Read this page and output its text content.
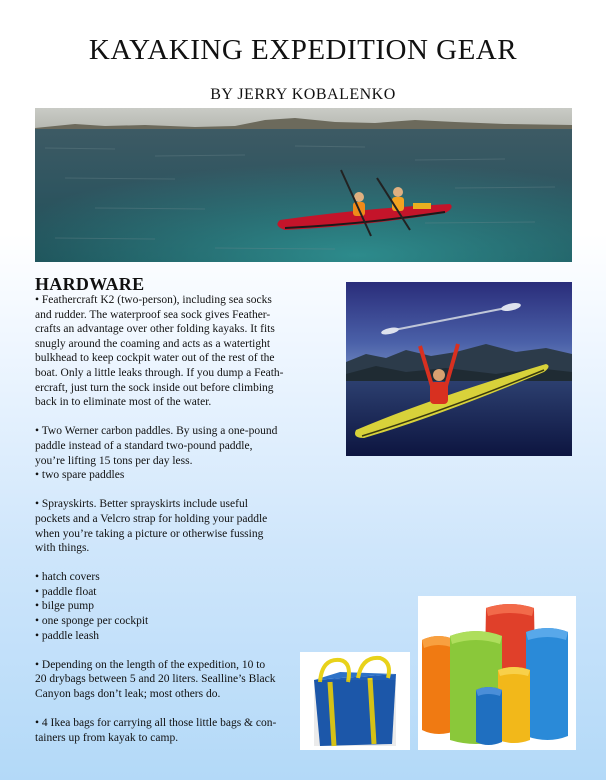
KAYAKING EXPEDITION GEAR
BY JERRY KOBALENKO
HARDWARE

• Feathercraft K2 (two-person), including sea socks
and rudder. The waterproof sea sock gives Feather-
crafts an advantage over other folding kayaks. It fits
snugly around the coaming and acts as a watertight
bulkhead to keep cockpit water out of the rest of the
boat. Only a little leaks through. If you dump a Feath-
ercraft, just turn the sock inside out before climbing
back in to eliminate most of the water.

• Two Werner carbon paddles. By using a one-pound
paddle instead of a standard two-pound paddle,
you’re lifting 15 tons per day less.
• two spare paddles

• Sprayskirts. Better sprayskirts include useful
pockets and a Velcro strap for holding your paddle
when you’re taking a picture or otherwise fussing
with things.

• hatch covers
• paddle float
• bilge pump
• one sponge per cockpit
• paddle leash

• Depending on the length of the expedition, 10 to
20 drybags between 5 and 20 liters. Sealline’s Black
Canyon bags don’t leak; most others do.

• 4 Ikea bags for carrying all those little bags & con-
tainers up from kayak to camp.
